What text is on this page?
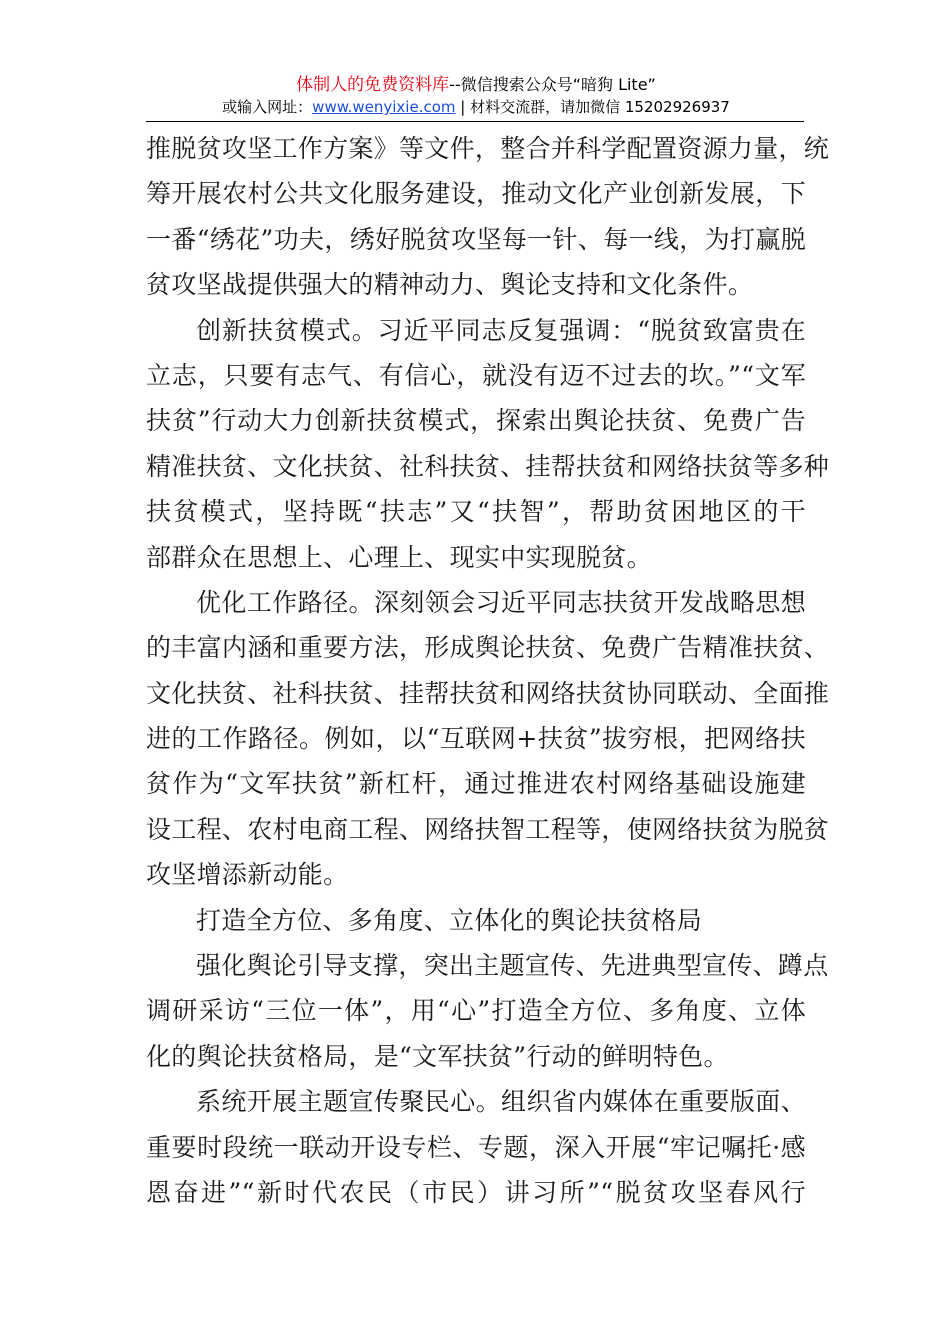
体制人的免费资料库--微信搜索公众号“暗狗 Lite”
或输入网址：www.wenyixie.com | 材料交流群，请加微信 15202926937
推脱贫攻坚工作方案》等文件，整合并科学配置资源力量，统
筹开展农村公共文化服务建设，推动文化产业创新发展，下
一番“绣花”功夫，绣好脱贫攻坚每一针、每一线，为打赢脱
贫攻坚战提供强大的精神动力、舆论支持和文化条件。
创新扶贫模式。习近平同志反复强调：“脱贫致富贵在
立志，只要有志气、有信心，就没有迈不过去的坎。”“文军
扶贫”行动大力创新扶贫模式，探索出舆论扶贫、免费广告
精准扶贫、文化扶贫、社科扶贫、挂帮扶贫和网络扶贫等多种
扶贫模式，坚持既“扶志”又“扶智”，帮助贫困地区的干
部群众在思想上、心理上、现实中实现脱贫。
优化工作路径。深刻领会习近平同志扶贫开发战略思想
的丰富内涵和重要方法，形成舆论扶贫、免费广告精准扶贫、
文化扶贫、社科扶贫、挂帮扶贫和网络扶贫协同联动、全面推
进的工作路径。例如，以“互联网+扶贫”拔穷根，把网络扶
贫作为“文军扶贫”新杠杆，通过推进农村网络基础设施建
设工程、农村电商工程、网络扶智工程等，使网络扶贫为脱贫
攻坚增添新动能。
打造全方位、多角度、立体化的舆论扶贫格局
强化舆论引导支撑，突出主题宣传、先进典型宣传、蹲点
调研采访“三位一体”，用“心”打造全方位、多角度、立体
化的舆论扶贫格局，是“文军扶贫”行动的鲜明特色。
系统开展主题宣传聚民心。组织省内媒体在重要版面、
重要时段统一联动开设专栏、专题，深入开展“牢记嘱托·感
恩奋进”“新时代农民（市民）讲习所”“脱贫攻坚春风行
